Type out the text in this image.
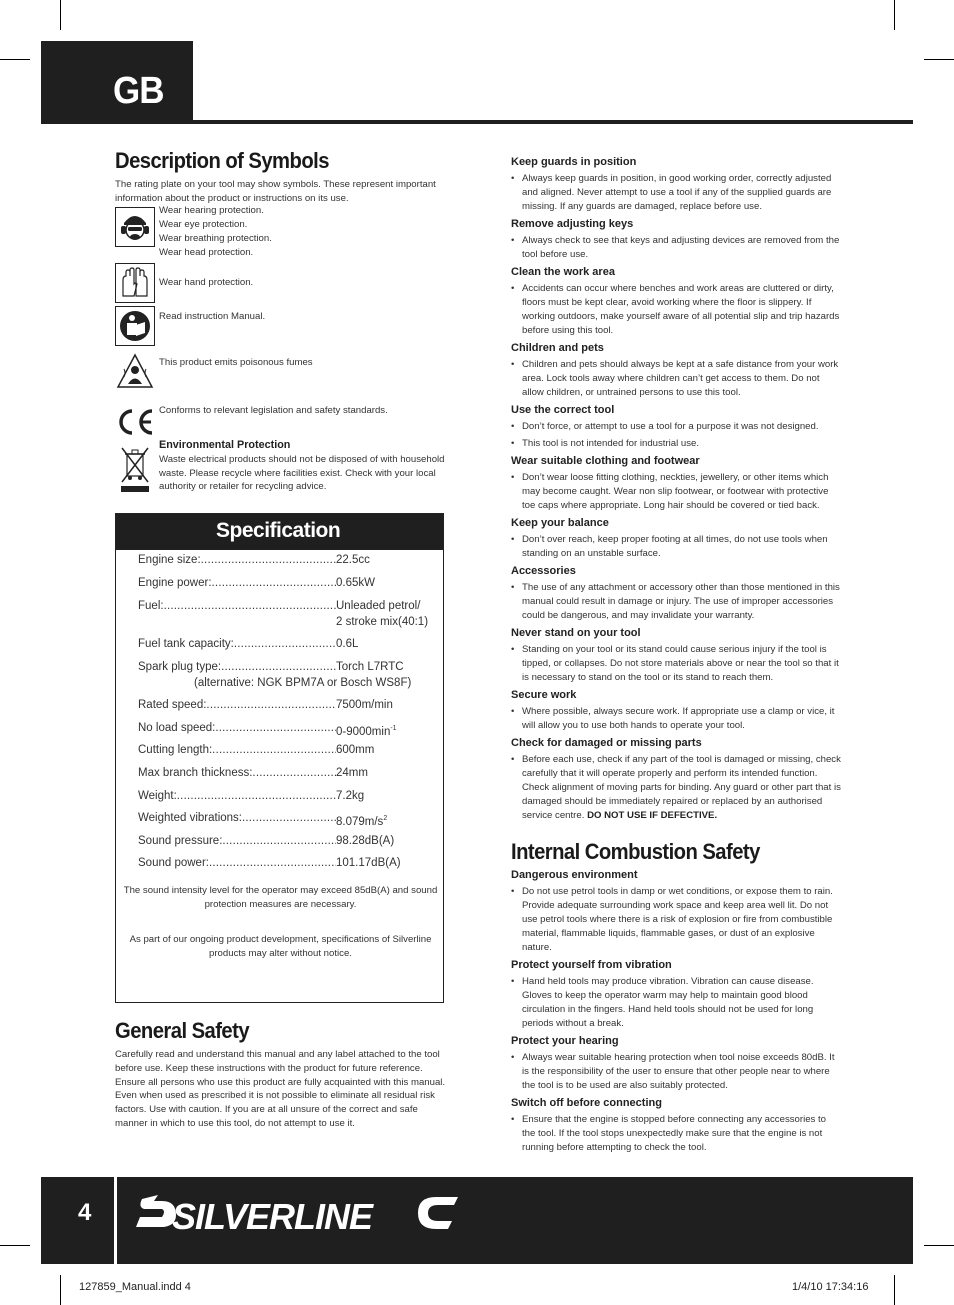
GB
Description of Symbols

The rating plate on your tool may show symbols. These represent important information about the product or instructions on its use.

Wear hearing protection.
Wear eye protection.
Wear breathing protection.
Wear head protection.
Wear hand protection.
Read instruction Manual.
This product emits poisonous fumes
Conforms to relevant legislation and safety standards.
Environmental Protection
Waste electrical products should not be disposed of with household waste. Please recycle where facilities exist. Check with your local authority or retailer for recycling advice.
Specification
Engine size: .....	22.5cc
Engine power: .....	0.65kW
Fuel: .....	Unleaded petrol/
2 stroke mix(40:1)
Fuel tank capacity: .....	0.6L
Spark plug type: .....	Torch L7RTC
(alternative: NGK BPM7A or Bosch WS8F)
Rated speed: .....	7500m/min
No load speed: .....	$0-9000\min^{-1}$
Cutting length: .....	600mm
Max branch thickness: .....	24mm
Weight: .....	7.2kg
Weighted vibrations: .....	$8.079m/s^2$
Sound pressure: .....	98.28dB(A)
Sound power: .....	101.17dB(A)
The sound intensity level for the operator may exceed 85dB(A) and sound protection measures are necessary.
As part of our ongoing product development, specifications of Silverline products may alter without notice.
General Safety

Carefully read and understand this manual and any label attached to the tool before use. Keep these instructions with the product for future reference. Ensure all persons who use this product are fully acquainted with this manual.

Even when used as prescribed it is not possible to eliminate all residual risk factors. Use with caution. If you are at all unsure of the correct and safe manner in which to use this tool, do not attempt to use it.

Keep guards in position
• Always keep guards in position, in good working order, correctly adjusted and aligned. Never attempt to use a tool if any of the supplied guards are missing. If any guards are damaged, replace before use.
Remove adjusting keys
• Always check to see that keys and adjusting devices are removed from the tool before use.
Clean the work area
• Accidents can occur where benches and work areas are cluttered or dirty, floors must be kept clear, avoid working where the floor is slippery. If working outdoors, make yourself aware of all potential slip and trip hazards before using this tool.
Children and pets
• Children and pets should always be kept at a safe distance from your work area. Lock tools away where children can’t get access to them. Do not allow children, or untrained persons to use this tool.
Use the correct tool
• Don’t force, or attempt to use a tool for a purpose it was not designed.
• This tool is not intended for industrial use.
Wear suitable clothing and footwear
• Don’t wear loose fitting clothing, neckties, jewellery, or other items which may become caught. Wear non slip footwear, or footwear with protective toe caps where appropriate. Long hair should be covered or tied back.
Keep your balance
• Don’t over reach, keep proper footing at all times, do not use tools when standing on an unstable surface.
Accessories
• The use of any attachment or accessory other than those mentioned in this manual could result in damage or injury. The use of improper accessories could be dangerous, and may invalidate your warranty.
Never stand on your tool
• Standing on your tool or its stand could cause serious injury if the tool is tipped, or collapses. Do not store materials above or near the tool so that it is necessary to stand on the tool or its stand to reach them.
Secure work
• Where possible, always secure work. If appropriate use a clamp or vice, it will allow you to use both hands to operate your tool.
Check for damaged or missing parts
• Before each use, check if any part of the tool is damaged or missing, check carefully that it will operate properly and perform its intended function. Check alignment of moving parts for binding. Any guard or other part that is damaged should be immediately repaired or replaced by an authorised service centre. DO NOT USE IF DEFECTIVE.
Internal Combustion Safety
Dangerous environment
• Do not use petrol tools in damp or wet conditions, or expose them to rain. Provide adequate surrounding work space and keep area well lit. Do not use petrol tools where there is a risk of explosion or fire from combustible material, flammable liquids, flammable gases, or dust of an explosive nature.
Protect yourself from vibration
• Hand held tools may produce vibration. Vibration can cause disease. Gloves to keep the operator warm may help to maintain good blood circulation in the fingers. Hand held tools should not be used for long periods without a break.
Protect your hearing
• Always wear suitable hearing protection when tool noise exceeds 80dB. It is the responsibility of the user to ensure that other people near to where the tool is to be used are also suitably protected.
Switch off before connecting
• Ensure that the engine is stopped before connecting any accessories to the tool. If the tool stops unexpectedly make sure that the engine is not running before attempting to check the tool.
4 SILVERLINE	®
127859_Manual.indd 4	1/4/10 17:34:16
